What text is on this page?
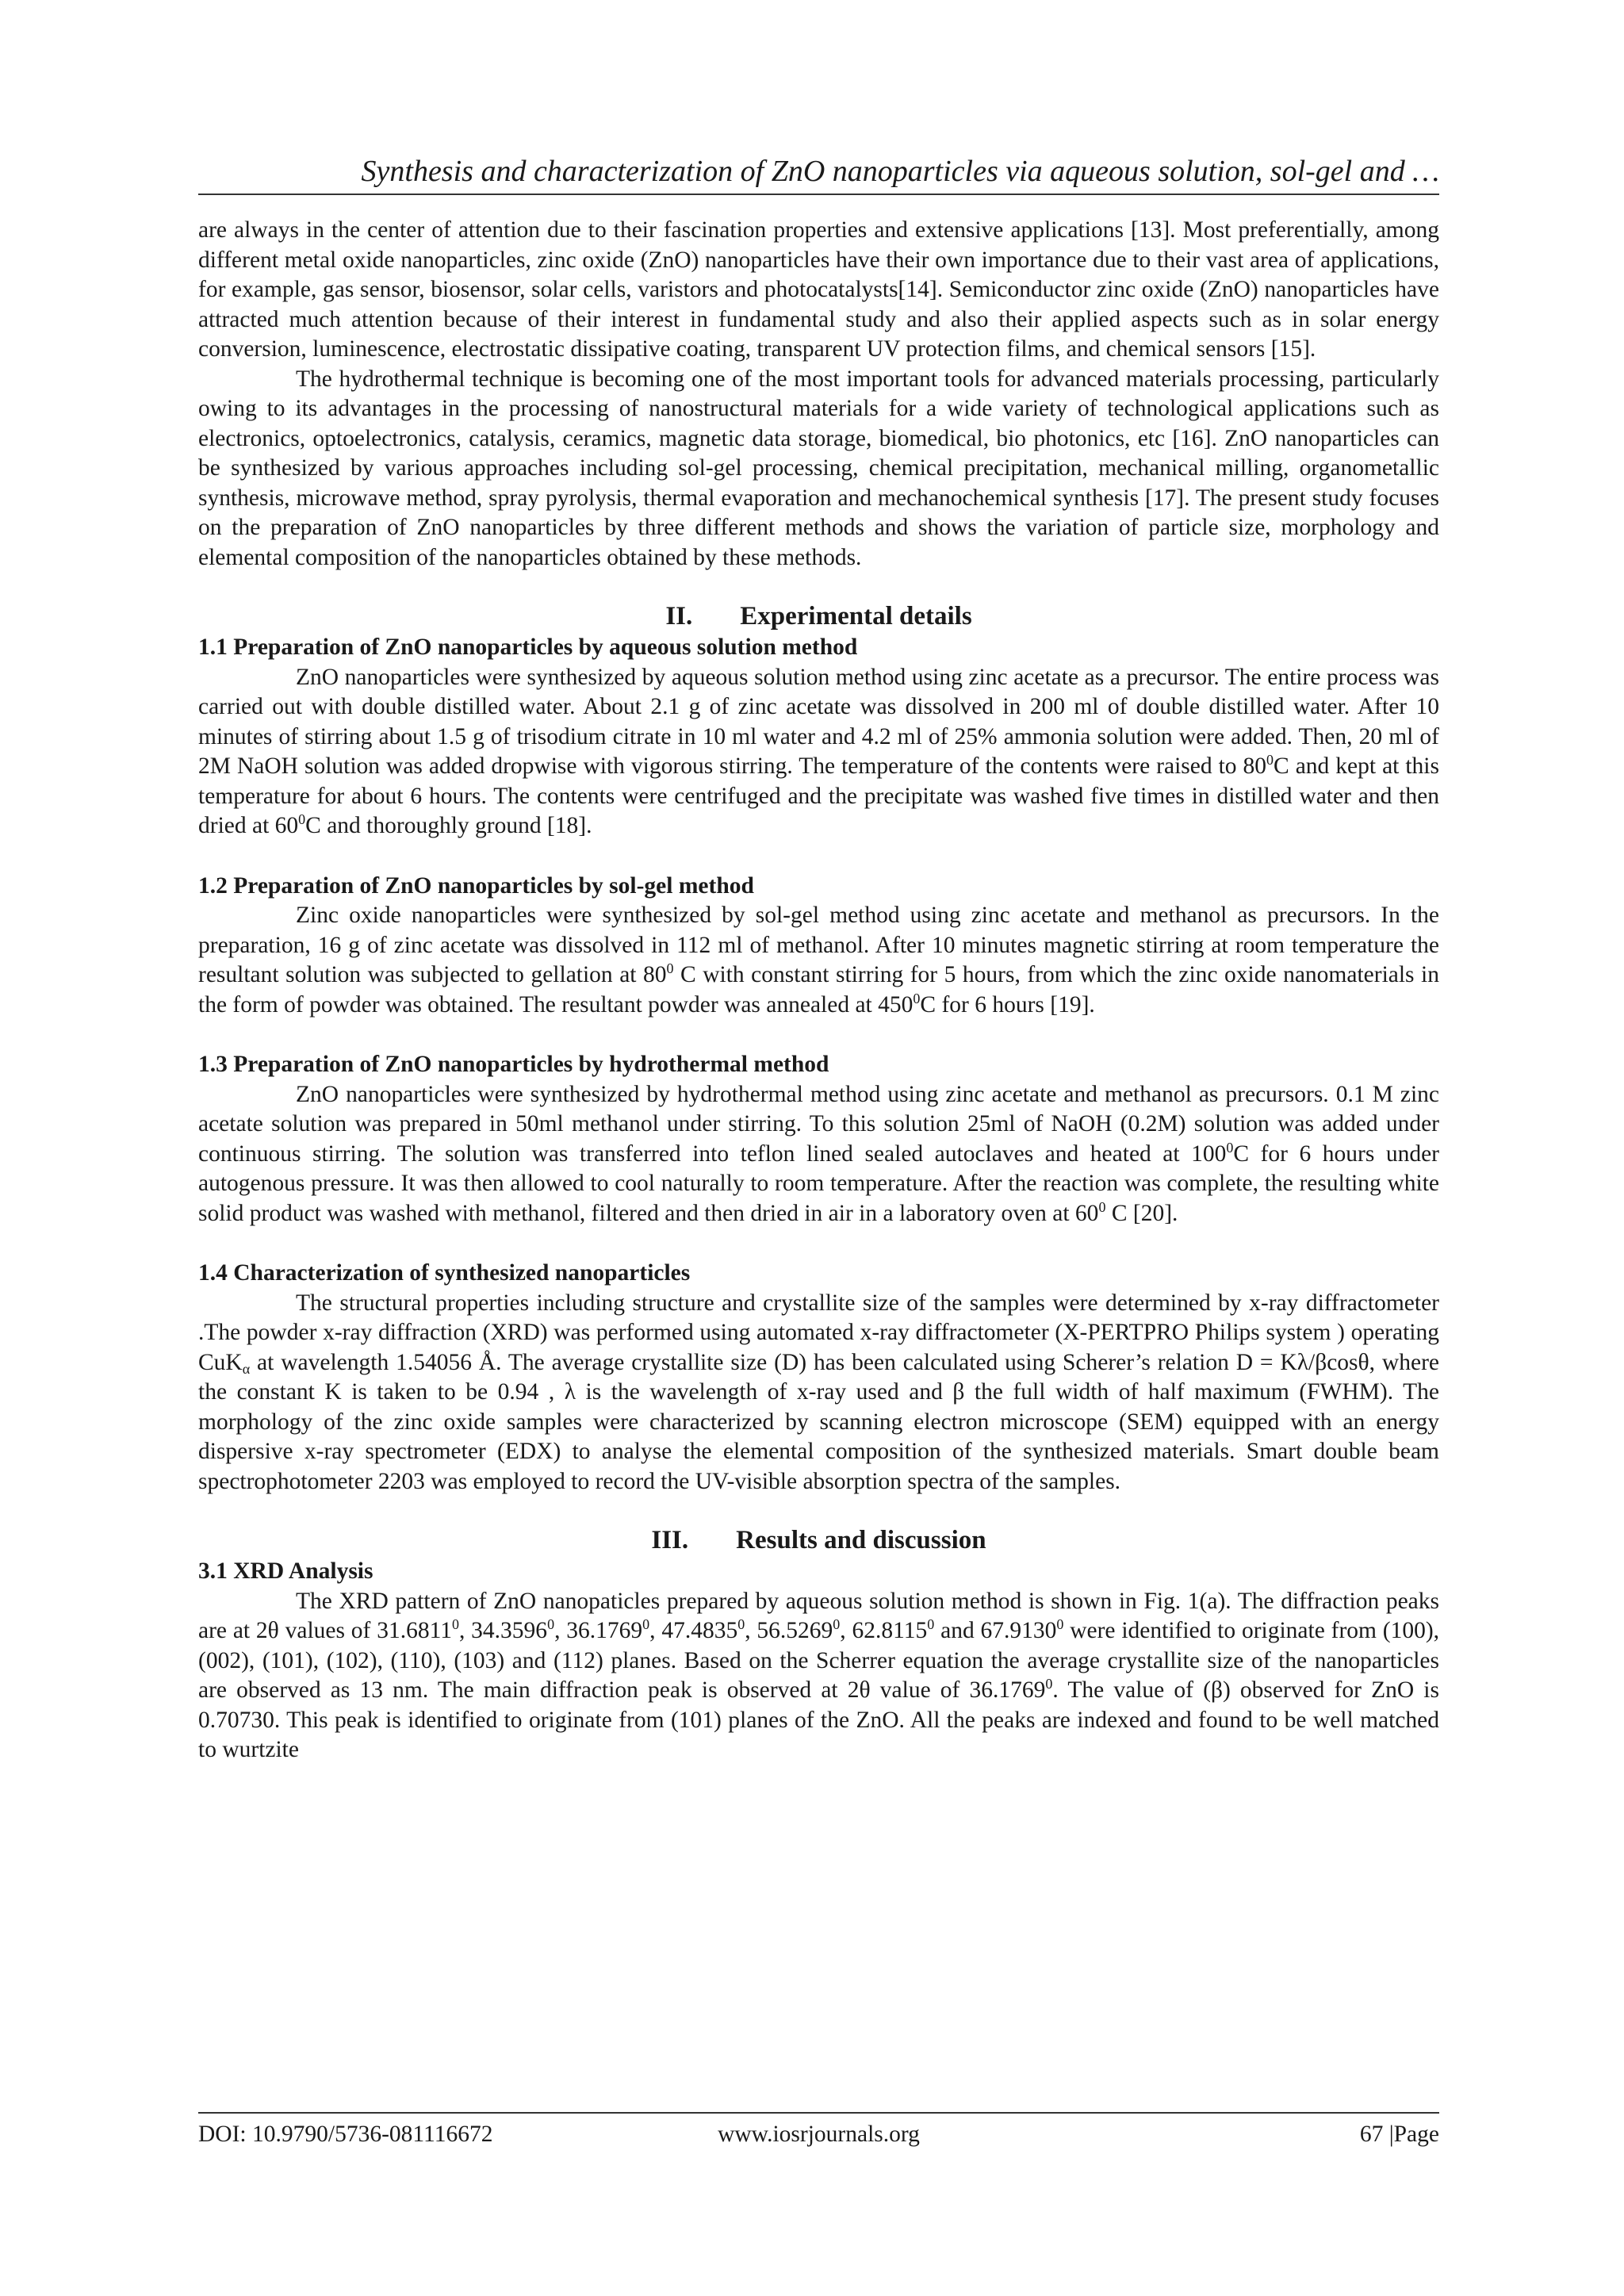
Synthesis and characterization of ZnO nanoparticles via aqueous solution, sol-gel and …

are always in the center of attention due to their fascination properties and extensive applications [13]. Most preferentially, among different metal oxide nanoparticles, zinc oxide (ZnO) nanoparticles have their own importance due to their vast area of applications, for example, gas sensor, biosensor, solar cells, varistors and photocatalysts[14]. Semiconductor zinc oxide (ZnO) nanoparticles have attracted much attention because of their interest in fundamental study and also their applied aspects such as in solar energy conversion, luminescence, electrostatic dissipative coating, transparent UV protection films, and chemical sensors [15].

The hydrothermal technique is becoming one of the most important tools for advanced materials processing, particularly owing to its advantages in the processing of nanostructural materials for a wide variety of technological applications such as electronics, optoelectronics, catalysis, ceramics, magnetic data storage, biomedical, bio photonics, etc [16]. ZnO nanoparticles can be synthesized by various approaches including sol-gel processing, chemical precipitation, mechanical milling, organometallic synthesis, microwave method, spray pyrolysis, thermal evaporation and mechanochemical synthesis [17]. The present study focuses on the preparation of ZnO nanoparticles by three different methods and shows the variation of particle size, morphology and elemental composition of the nanoparticles obtained by these methods.

II. Experimental details

1.1 Preparation of ZnO nanoparticles by aqueous solution method

ZnO nanoparticles were synthesized by aqueous solution method using zinc acetate as a precursor. The entire process was carried out with double distilled water. About 2.1 g of zinc acetate was dissolved in 200 ml of double distilled water. After 10 minutes of stirring about 1.5 g of trisodium citrate in 10 ml water and 4.2 ml of 25% ammonia solution were added. Then, 20 ml of 2M NaOH solution was added dropwise with vigorous stirring. The temperature of the contents were raised to $80^0C$ and kept at this temperature for about 6 hours. The contents were centrifuged and the precipitate was washed five times in distilled water and then dried at $60^0C$ and thoroughly ground [18].

1.2 Preparation of ZnO nanoparticles by sol-gel method

Zinc oxide nanoparticles were synthesized by sol-gel method using zinc acetate and methanol as precursors. In the preparation, 16 g of zinc acetate was dissolved in 112 ml of methanol. After 10 minutes magnetic stirring at room temperature the resultant solution was subjected to gellation at $80^0$ C with constant stirring for 5 hours, from which the zinc oxide nanomaterials in the form of powder was obtained. The resultant powder was annealed at $450^0C$ for 6 hours [19].

1.3 Preparation of ZnO nanoparticles by hydrothermal method

ZnO nanoparticles were synthesized by hydrothermal method using zinc acetate and methanol as precursors. 0.1 M zinc acetate solution was prepared in 50ml methanol under stirring. To this solution 25ml of NaOH (0.2M) solution was added under continuous stirring. The solution was transferred into teflon lined sealed autoclaves and heated at $100^0C$ for 6 hours under autogenous pressure. It was then allowed to cool naturally to room temperature. After the reaction was complete, the resulting white solid product was washed with methanol, filtered and then dried in air in a laboratory oven at $60^0$ C [20].

1.4 Characterization of synthesized nanoparticles

The structural properties including structure and crystallite size of the samples were determined by x-ray diffractometer .The powder x-ray diffraction (XRD) was performed using automated x-ray diffractometer (X-PERTPRO Philips system ) operating CuK$_\alpha$ at wavelength 1.54056 Å. The average crystallite size (D) has been calculated using Scherer’s relation D = Kλ/βcosθ, where the constant K is taken to be 0.94 , λ is the wavelength of x-ray used and β the full width of half maximum (FWHM). The morphology of the zinc oxide samples were characterized by scanning electron microscope (SEM) equipped with an energy dispersive x-ray spectrometer (EDX) to analyse the elemental composition of the synthesized materials. Smart double beam spectrophotometer 2203 was employed to record the UV-visible absorption spectra of the samples.

III. Results and discussion

3.1 XRD Analysis

The XRD pattern of ZnO nanopaticles prepared by aqueous solution method is shown in Fig. 1(a). The diffraction peaks are at 2θ values of 31.6811$^0$, 34.3596$^0$, 36.1769$^0$, 47.4835$^0$, 56.5269$^0$, 62.8115$^0$ and 67.9130$^0$ were identified to originate from (100), (002), (101), (102), (110), (103) and (112) planes. Based on the Scherrer equation the average crystallite size of the nanoparticles are observed as 13 nm. The main diffraction peak is observed at 2θ value of 36.1769$^0$. The value of (β) observed for ZnO is 0.70730. This peak is identified to originate from (101) planes of the ZnO. All the peaks are indexed and found to be well matched to wurtzite

DOI: 10.9790/5736-081116672	www.iosrjournals.org	67 |Page
